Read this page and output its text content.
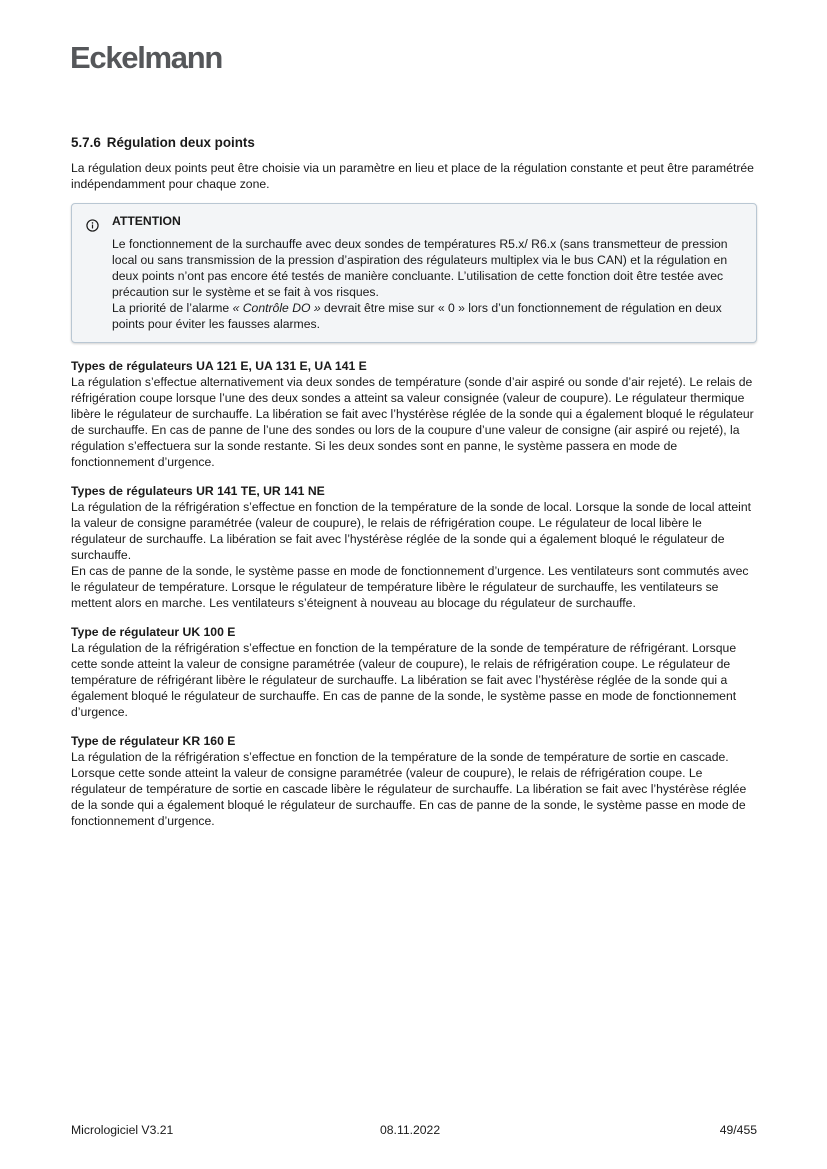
Eckelmann
5.7.6 Régulation deux points

La régulation deux points peut être choisie via un paramètre en lieu et place de la régulation constante et peut être paramétrée indépendamment pour chaque zone.

ATTENTION

Le fonctionnement de la surchauffe avec deux sondes de températures R5.x/ R6.x (sans transmetteur de pression local ou sans transmission de la pression d’aspiration des régulateurs multiplex via le bus CAN) et la régulation en deux points n’ont pas encore été testés de manière concluante. L’utilisation de cette fonction doit être testée avec précaution sur le système et se fait à vos risques.

La priorité de l’alarme « Contrôle DO » devrait être mise sur « 0 » lors d’un fonctionnement de régulation en deux points pour éviter les fausses alarmes.

Types de régulateurs UA 121 E, UA 131 E, UA 141 E

La régulation s’effectue alternativement via deux sondes de température (sonde d’air aspiré ou sonde d’air rejeté). Le relais de réfrigération coupe lorsque l’une des deux sondes a atteint sa valeur consignée (valeur de coupure). Le régulateur thermique libère le régulateur de surchauffe. La libération se fait avec l’hystérèse réglée de la sonde qui a également bloqué le régulateur de surchauffe. En cas de panne de l’une des sondes ou lors de la coupure d’une valeur de consigne (air aspiré ou rejeté), la régulation s’effectuera sur la sonde restante. Si les deux sondes sont en panne, le système passera en mode de fonctionnement d’urgence.

Types de régulateurs UR 141 TE, UR 141 NE

La régulation de la réfrigération s’effectue en fonction de la température de la sonde de local. Lorsque la sonde de local atteint la valeur de consigne paramétrée (valeur de coupure), le relais de réfrigération coupe. Le régulateur de local libère le régulateur de surchauffe. La libération se fait avec l’hystérèse réglée de la sonde qui a également bloqué le régulateur de surchauffe.

En cas de panne de la sonde, le système passe en mode de fonctionnement d’urgence. Les ventilateurs sont commutés avec le régulateur de température. Lorsque le régulateur de température libère le régulateur de surchauffe, les ventilateurs se mettent alors en marche. Les ventilateurs s’éteignent à nouveau au blocage du régulateur de surchauffe.

Type de régulateur UK 100 E

La régulation de la réfrigération s’effectue en fonction de la température de la sonde de température de réfrigérant. Lorsque cette sonde atteint la valeur de consigne paramétrée (valeur de coupure), le relais de réfrigération coupe. Le régulateur de température de réfrigérant libère le régulateur de surchauffe. La libération se fait avec l’hystérèse réglée de la sonde qui a également bloqué le régulateur de surchauffe. En cas de panne de la sonde, le système passe en mode de fonctionnement d’urgence.

Type de régulateur KR 160 E

La régulation de la réfrigération s’effectue en fonction de la température de la sonde de température de sortie en cascade. Lorsque cette sonde atteint la valeur de consigne paramétrée (valeur de coupure), le relais de réfrigération coupe. Le régulateur de température de sortie en cascade libère le régulateur de surchauffe. La libération se fait avec l’hystérèse réglée de la sonde qui a également bloqué le régulateur de surchauffe. En cas de panne de la sonde, le système passe en mode de fonctionnement d’urgence.

Micrologiciel V3.21	08.11.2022	49/455
